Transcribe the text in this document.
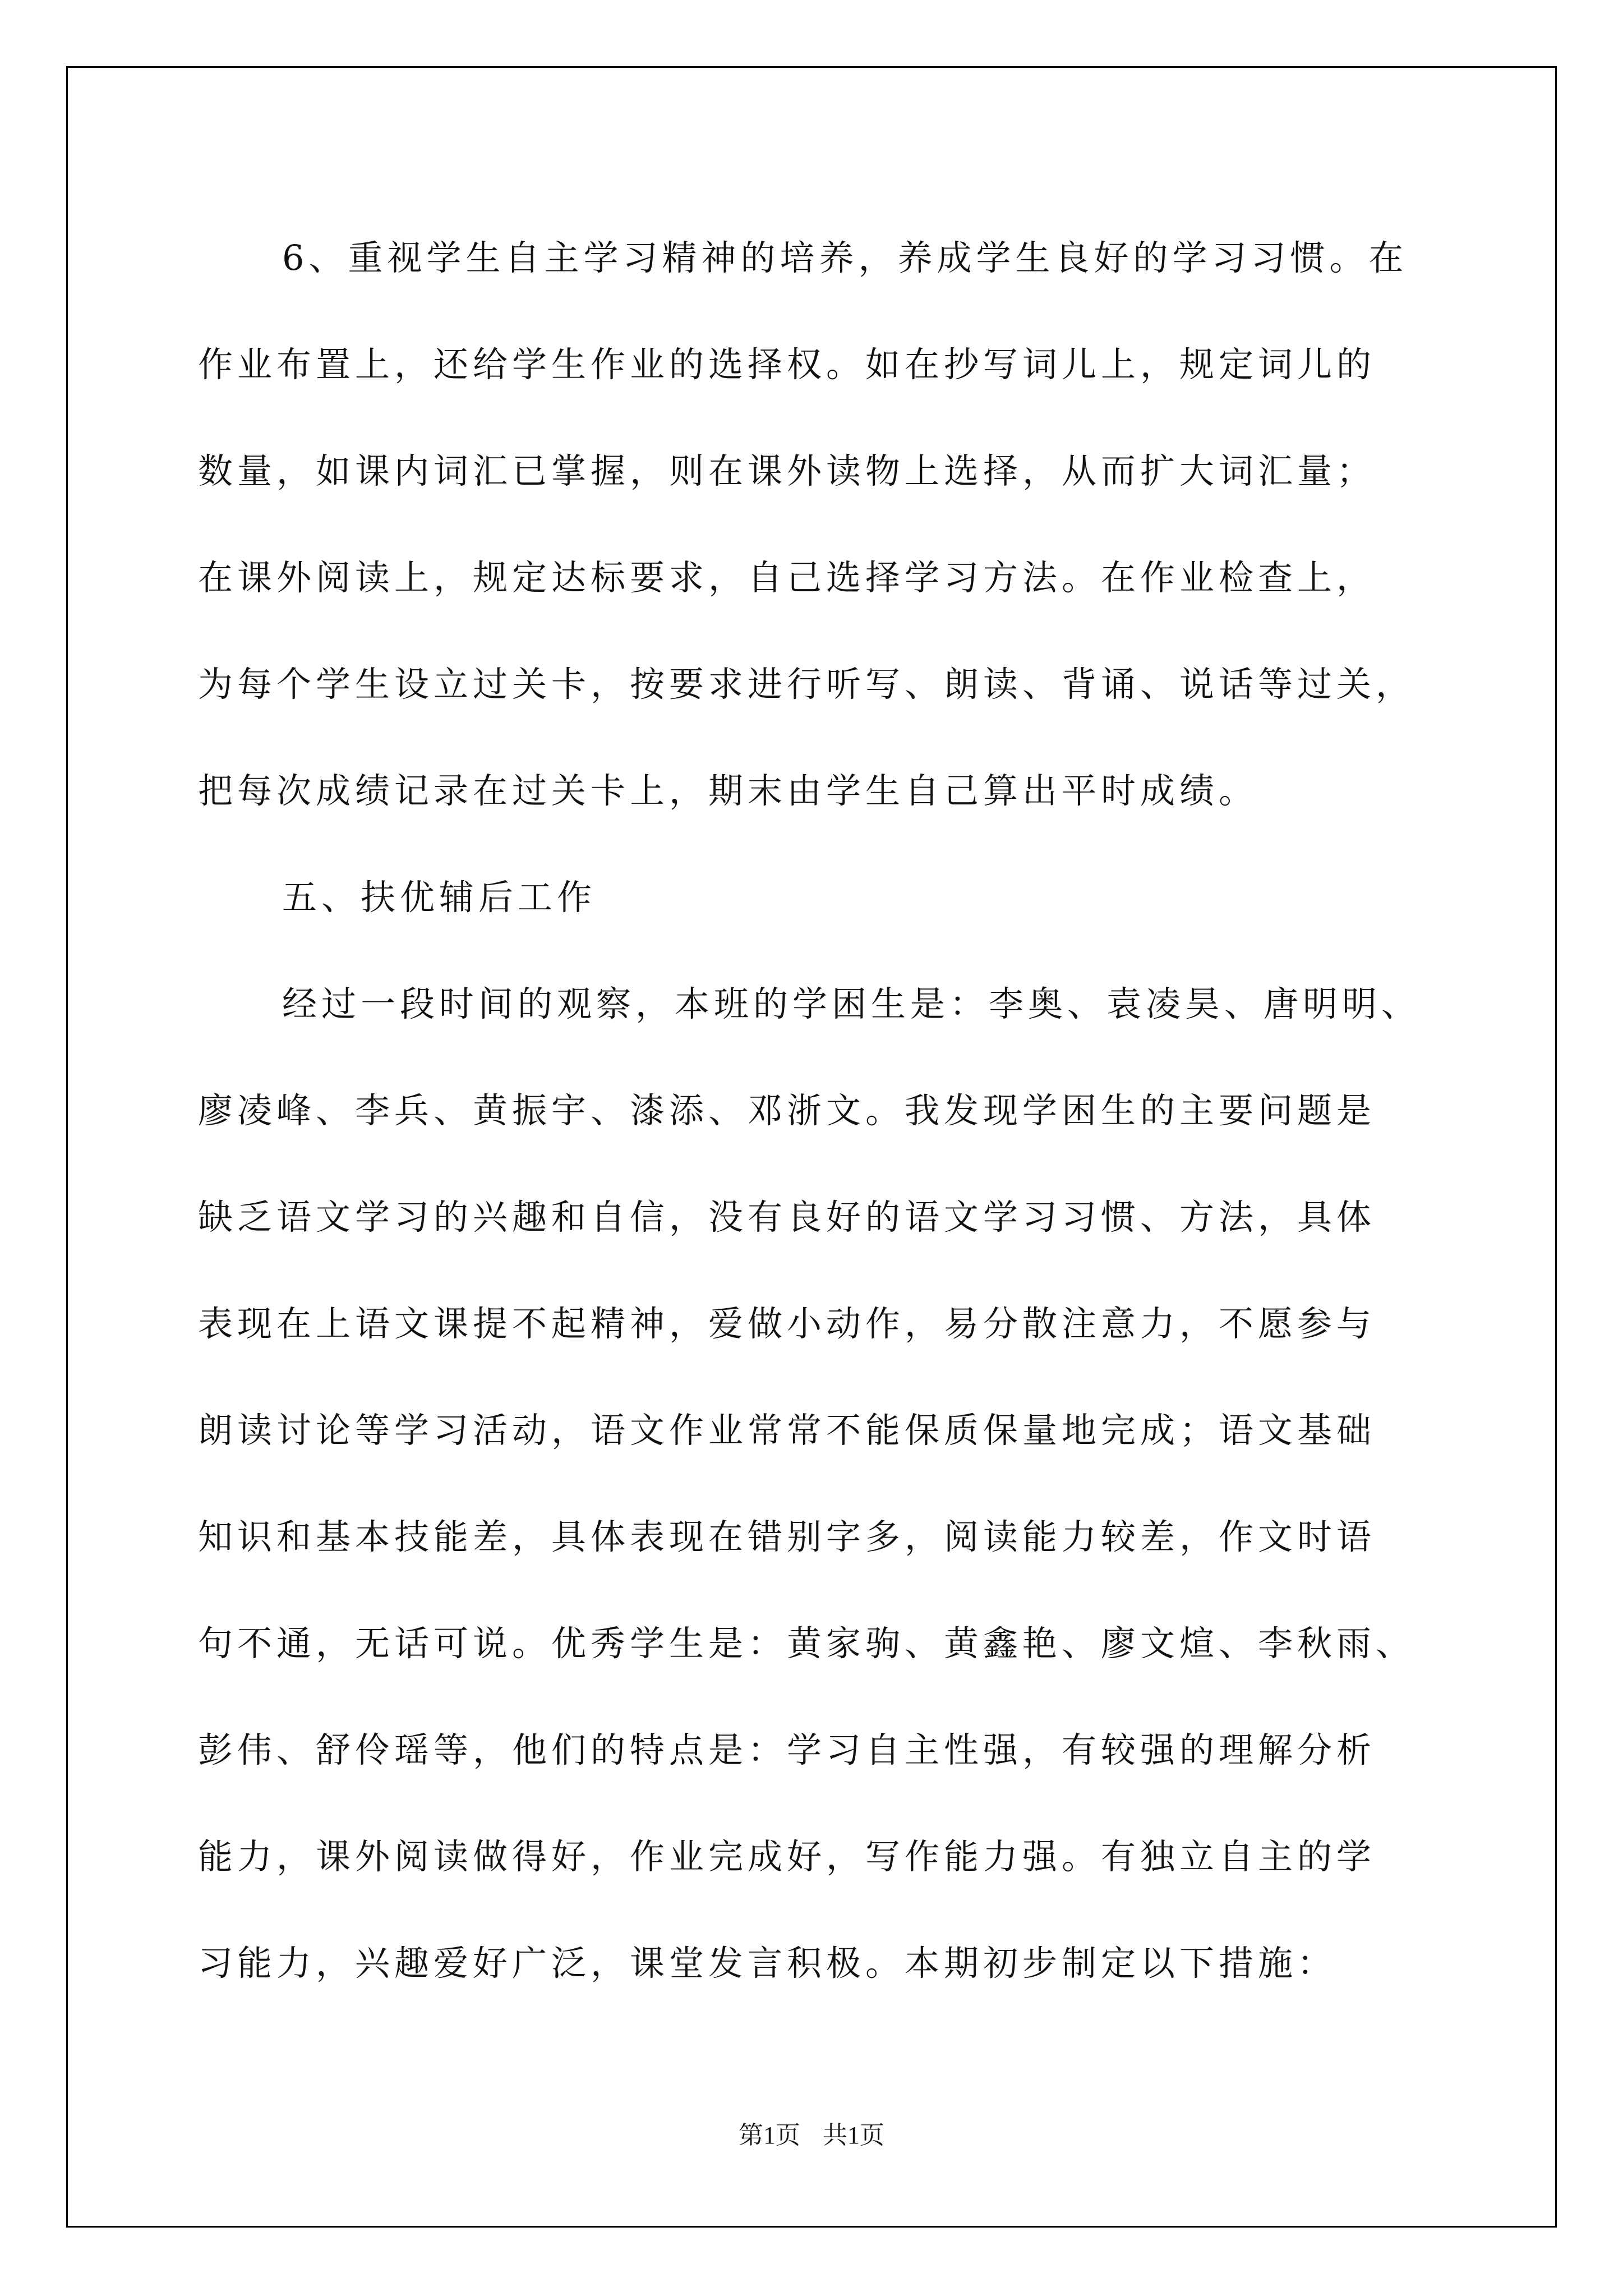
6、重视学生自主学习精神的培养，养成学生良好的学习习惯。在

作业布置上，还给学生作业的选择权。如在抄写词儿上，规定词儿的

数量，如课内词汇已掌握，则在课外读物上选择，从而扩大词汇量；

在课外阅读上，规定达标要求，自己选择学习方法。在作业检查上，

为每个学生设立过关卡，按要求进行听写、朗读、背诵、说话等过关，

把每次成绩记录在过关卡上，期末由学生自己算出平时成绩。

五、扶优辅后工作

经过一段时间的观察，本班的学困生是：李奥、袁凌昊、唐明明、

廖凌峰、李兵、黄振宇、漆添、邓浙文。我发现学困生的主要问题是

缺乏语文学习的兴趣和自信，没有良好的语文学习习惯、方法，具体

表现在上语文课提不起精神，爱做小动作，易分散注意力，不愿参与

朗读讨论等学习活动，语文作业常常不能保质保量地完成；语文基础

知识和基本技能差，具体表现在错别字多，阅读能力较差，作文时语

句不通，无话可说。优秀学生是：黄家驹、黄鑫艳、廖文煊、李秋雨、

彭伟、舒伶瑶等，他们的特点是：学习自主性强，有较强的理解分析

能力，课外阅读做得好，作业完成好，写作能力强。有独立自主的学

习能力，兴趣爱好广泛，课堂发言积极。本期初步制定以下措施：

第1页 共1页
